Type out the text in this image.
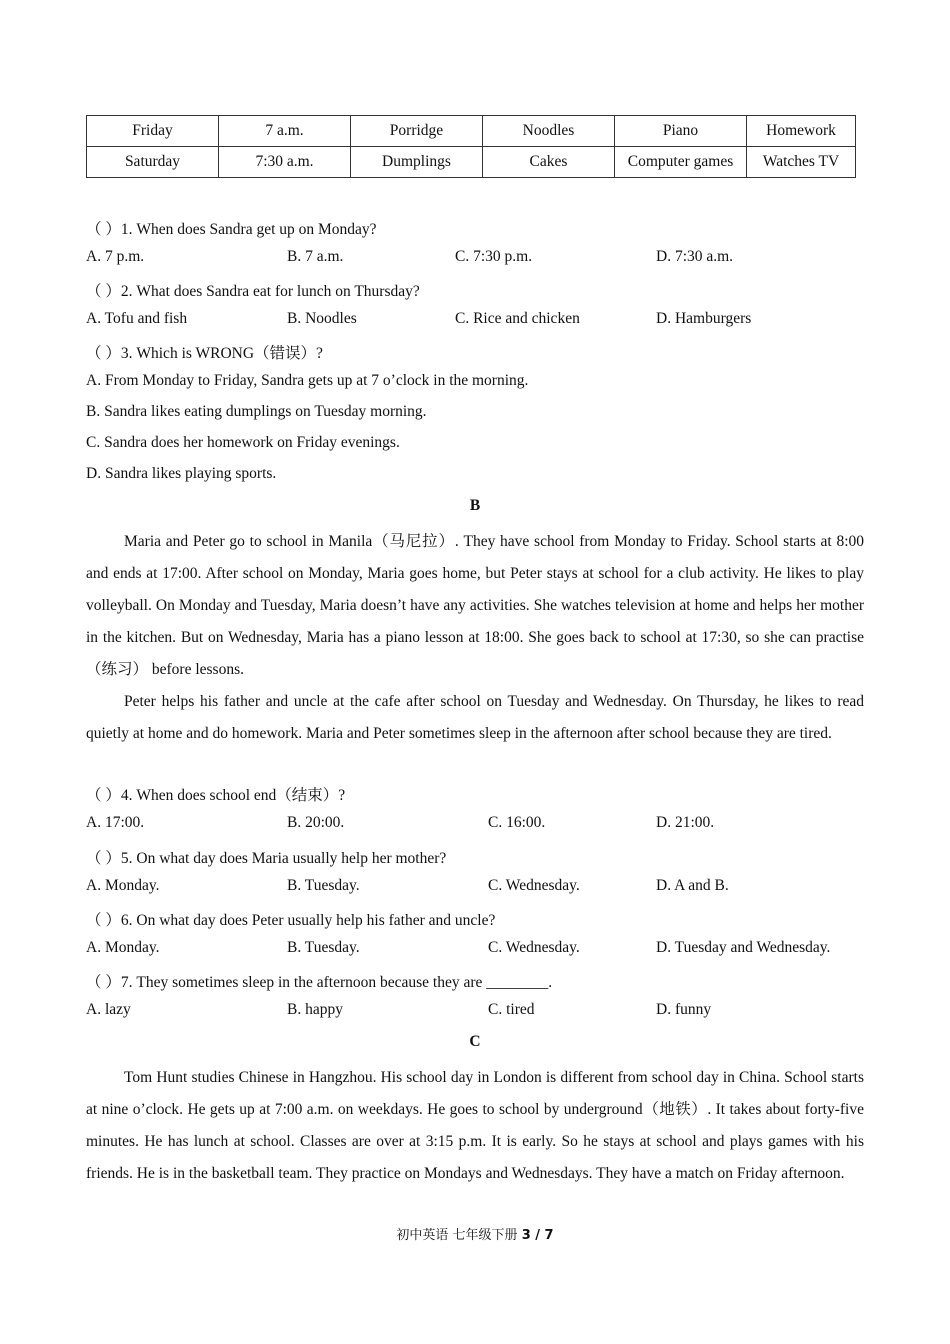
Friday	7 a.m.	Porridge	Noodles	Piano	Homework
Saturday	7:30 a.m.	Dumplings	Cakes	Computer games	Watches TV
（ ）1. When does Sandra get up on Monday?
A. 7 p.m.	B. 7 a.m.	C. 7:30 p.m.	D. 7:30 a.m.
（ ）2. What does Sandra eat for lunch on Thursday?
A. Tofu and fish	B. Noodles	C. Rice and chicken	D. Hamburgers
（ ）3. Which is WRONG（错误）?
A. From Monday to Friday, Sandra gets up at 7 o’clock in the morning.
B. Sandra likes eating dumplings on Tuesday morning.
C. Sandra does her homework on Friday evenings.
D. Sandra likes playing sports.
B
Maria and Peter go to school in Manila（马尼拉）. They have school from Monday to Friday. School starts at 8:00 and ends at 17:00. After school on Monday, Maria goes home, but Peter stays at school for a club activity. He likes to play volleyball. On Monday and Tuesday, Maria doesn’t have any activities. She watches television at home and helps her mother in the kitchen. But on Wednesday, Maria has a piano lesson at 18:00. She goes back to school at 17:30, so she can practise（练习） before lessons.
Peter helps his father and uncle at the cafe after school on Tuesday and Wednesday. On Thursday, he likes to read quietly at home and do homework. Maria and Peter sometimes sleep in the afternoon after school because they are tired.
（ ）4. When does school end（结束）?
A. 17:00.	B. 20:00.	C. 16:00.	D. 21:00.
（ ）5. On what day does Maria usually help her mother?
A. Monday.	B. Tuesday.	C. Wednesday.	D. A and B.
（ ）6. On what day does Peter usually help his father and uncle?
A. Monday.	B. Tuesday.	C. Wednesday.	D. Tuesday and Wednesday.
（ ）7. They sometimes sleep in the afternoon because they are ________.
A. lazy	B. happy	C. tired	D. funny
C
Tom Hunt studies Chinese in Hangzhou. His school day in London is different from school day in China. School starts at nine o’clock. He gets up at 7:00 a.m. on weekdays. He goes to school by underground（地铁）. It takes about forty-five minutes. He has lunch at school. Classes are over at 3:15 p.m. It is early. So he stays at school and plays games with his friends. He is in the basketball team. They practice on Mondays and Wednesdays. They have a match on Friday afternoon.
初中英语 七年级下册 3 / 7
